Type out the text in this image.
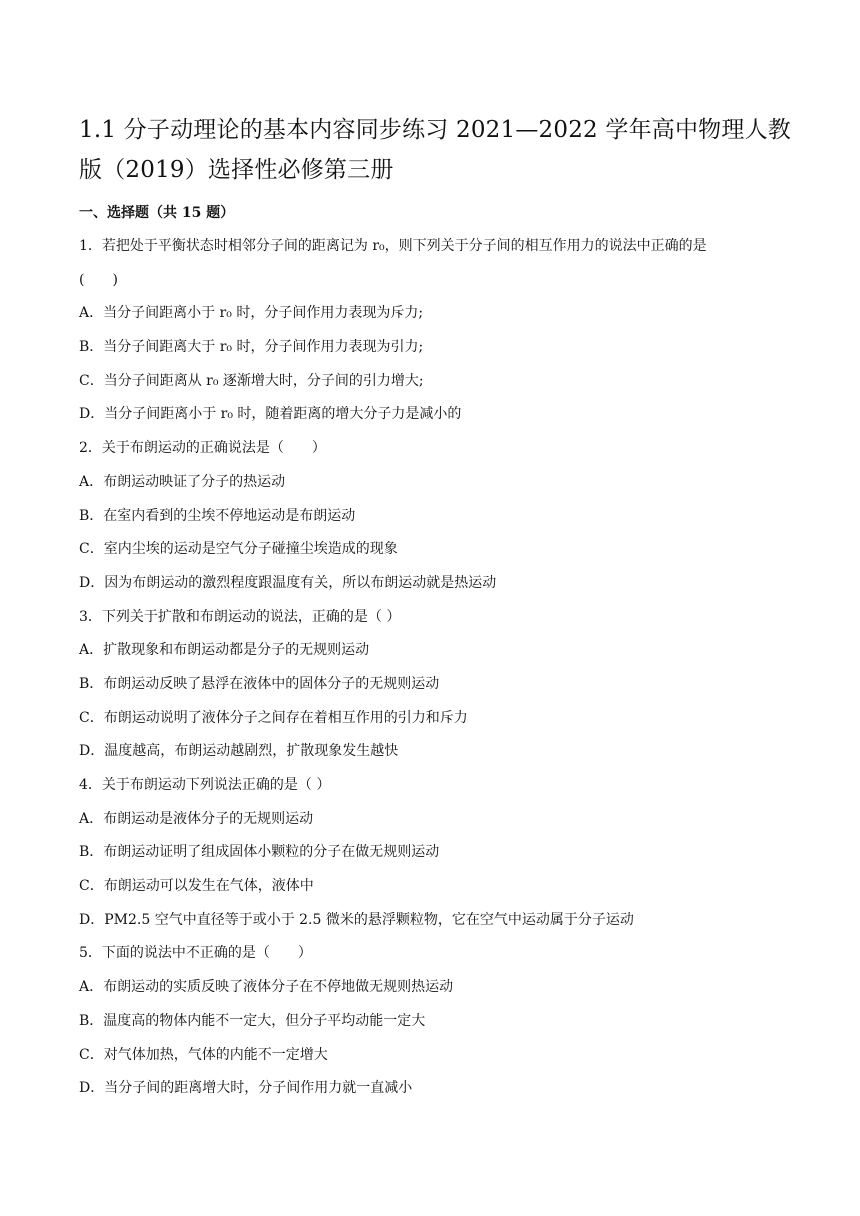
1.1 分子动理论的基本内容同步练习 2021—2022 学年高中物理人教版（2019）选择性必修第三册
一、选择题（共 15 题）
1．若把处于平衡状态时相邻分子间的距离记为 r₀，则下列关于分子间的相互作用力的说法中正确的是
(　　)
A．当分子间距离小于 r₀ 时，分子间作用力表现为斥力;
B．当分子间距离大于 r₀ 时，分子间作用力表现为引力;
C．当分子间距离从 r₀ 逐渐增大时，分子间的引力增大;
D．当分子间距离小于 r₀ 时，随着距离的增大分子力是减小的
2．关于布朗运动的正确说法是（　　）
A．布朗运动映证了分子的热运动
B．在室内看到的尘埃不停地运动是布朗运动
C．室内尘埃的运动是空气分子碰撞尘埃造成的现象
D．因为布朗运动的激烈程度跟温度有关，所以布朗运动就是热运动
3．下列关于扩散和布朗运动的说法，正确的是（ ）
A．扩散现象和布朗运动都是分子的无规则运动
B．布朗运动反映了悬浮在液体中的固体分子的无规则运动
C．布朗运动说明了液体分子之间存在着相互作用的引力和斥力
D．温度越高，布朗运动越剧烈，扩散现象发生越快
4．关于布朗运动下列说法正确的是（ ）
A．布朗运动是液体分子的无规则运动
B．布朗运动证明了组成固体小颗粒的分子在做无规则运动
C．布朗运动可以发生在气体，液体中
D．PM2.5 空气中直径等于或小于 2.5 微米的悬浮颗粒物，它在空气中运动属于分子运动
5．下面的说法中不正确的是（　　）
A．布朗运动的实质反映了液体分子在不停地做无规则热运动
B．温度高的物体内能不一定大，但分子平均动能一定大
C．对气体加热，气体的内能不一定增大
D．当分子间的距离增大时，分子间作用力就一直减小
